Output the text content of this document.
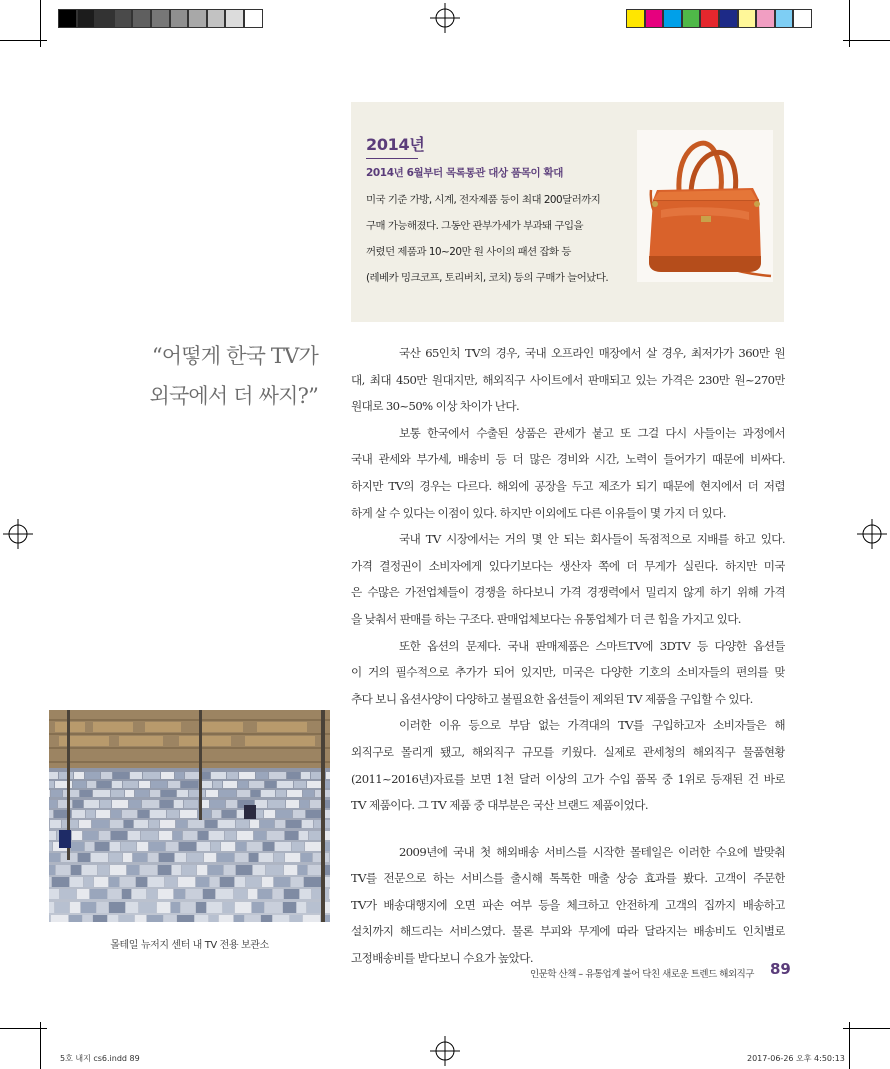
2014년
2014년 6월부터 목록통관 대상 품목이 확대
미국 기준 가방, 시계, 전자제품 등이 최대 200달러까지
구매 가능해졌다. 그동안 관부가세가 부과돼 구입을
꺼렸던 제품과 10~20만 원 사이의 패션 잡화 등
(레베카 밍크코프, 토리버치, 코치) 등의 구매가 늘어났다.
“어떻게 한국 TV가
외국에서 더 싸지?”
국산 65인치 TV의 경우, 국내 오프라인 매장에서 살 경우, 최저가가 360만 원
대, 최대 450만 원대지만, 해외직구 사이트에서 판매되고 있는 가격은 230만 원~270만
원대로 30~50% 이상 차이가 난다.
보통 한국에서 수출된 상품은 관세가 붙고 또 그걸 다시 사들이는 과정에서
국내 관세와 부가세, 배송비 등 더 많은 경비와 시간, 노력이 들어가기 때문에 비싸다.
하지만 TV의 경우는 다르다. 해외에 공장을 두고 제조가 되기 때문에 현지에서 더 저렴
하게 살 수 있다는 이점이 있다. 하지만 이외에도 다른 이유들이 몇 가지 더 있다.
국내 TV 시장에서는 거의 몇 안 되는 회사들이 독점적으로 지배를 하고 있다.
가격 결정권이 소비자에게 있다기보다는 생산자 쪽에 더 무게가 실린다. 하지만 미국
은 수많은 가전업체들이 경쟁을 하다보니 가격 경쟁력에서 밀리지 않게 하기 위해 가격
을 낮춰서 판매를 하는 구조다. 판매업체보다는 유통업체가 더 큰 힘을 가지고 있다.
또한 옵션의 문제다. 국내 판매제품은 스마트TV에 3DTV 등 다양한 옵션들
이 거의 필수적으로 추가가 되어 있지만, 미국은 다양한 기호의 소비자들의 편의를 맞
추다 보니 옵션사양이 다양하고 불필요한 옵션들이 제외된 TV 제품을 구입할 수 있다.
이러한 이유 등으로 부담 없는 가격대의 TV를 구입하고자 소비자들은 해
외직구로 몰리게 됐고, 해외직구 규모를 키웠다. 실제로 관세청의 해외직구 물품현황
(2011~2016년)자료를 보면 1천 달러 이상의 고가 수입 품목 중 1위로 등재된 건 바로
TV 제품이다. 그 TV 제품 중 대부분은 국산 브랜드 제품이었다.
2009년에 국내 첫 해외배송 서비스를 시작한 몰테일은 이러한 수요에 발맞춰
TV를 전문으로 하는 서비스를 출시해 톡톡한 매출 상승 효과를 봤다. 고객이 주문한
TV가 배송대행지에 오면 파손 여부 등을 체크하고 안전하게 고객의 집까지 배송하고
설치까지 해드리는 서비스였다. 물론 부피와 무게에 따라 달라지는 배송비도 인치별로
고정배송비를 받다보니 수요가 높았다.
몰테일 뉴저지 센터 내 TV 전용 보관소
인문학 산책 – 유통업계 불어 닥친 새로운 트렌드 해외직구 89
5호 내지 cs6.indd 89	2017-06-26 오후 4:50:13
